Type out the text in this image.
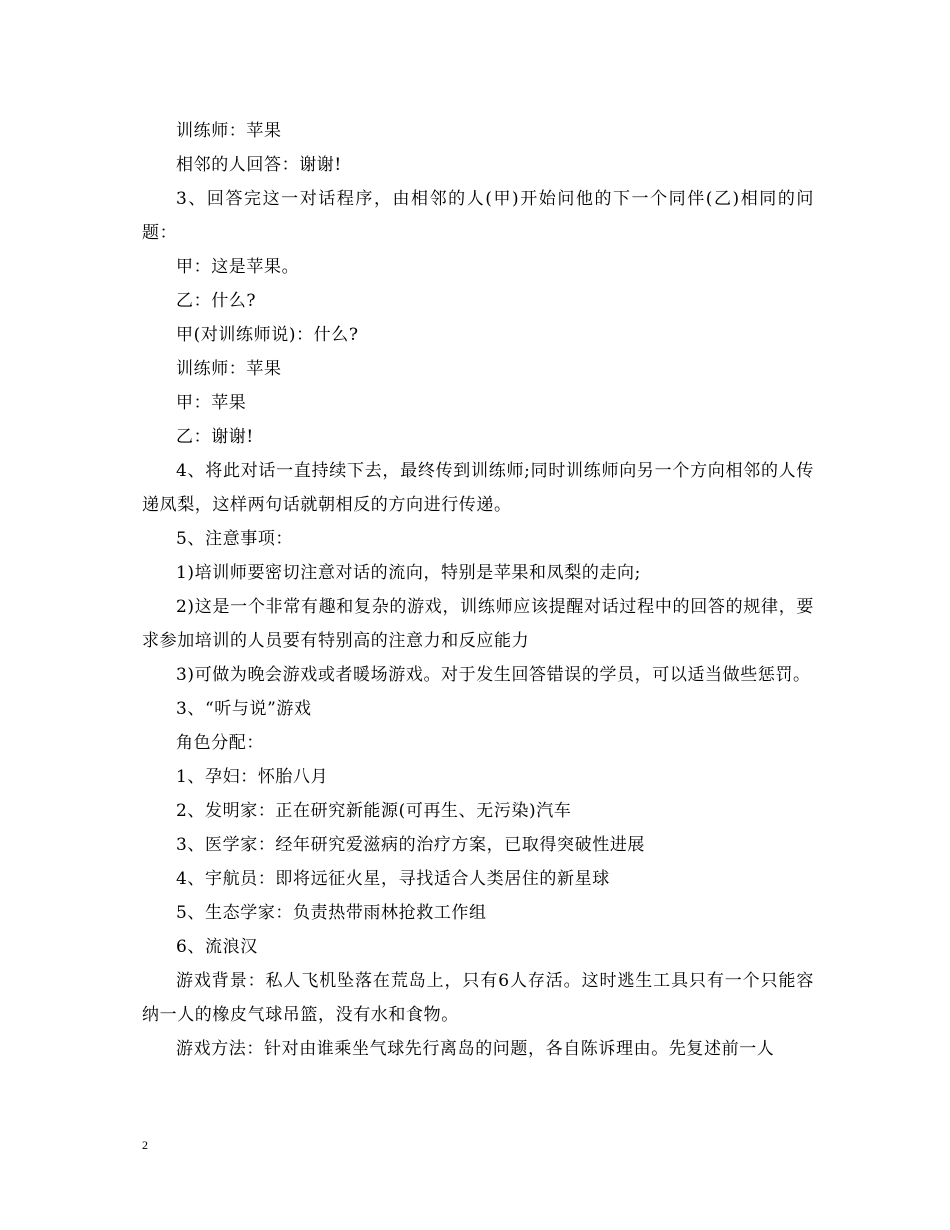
训练师：苹果

相邻的人回答：谢谢!

3、回答完这一对话程序，由相邻的人(甲)开始问他的下一个同伴(乙)相同的问题：

甲：这是苹果。

乙：什么?

甲(对训练师说)：什么?

训练师：苹果

甲：苹果

乙：谢谢!

4、将此对话一直持续下去，最终传到训练师;同时训练师向另一个方向相邻的人传递凤梨，这样两句话就朝相反的方向进行传递。

5、注意事项：

1)培训师要密切注意对话的流向，特别是苹果和凤梨的走向;

2)这是一个非常有趣和复杂的游戏，训练师应该提醒对话过程中的回答的规律，要求参加培训的人员要有特别高的注意力和反应能力

3)可做为晚会游戏或者暖场游戏。对于发生回答错误的学员，可以适当做些惩罚。

3、“听与说”游戏

角色分配：

1、孕妇：怀胎八月

2、发明家：正在研究新能源(可再生、无污染)汽车

3、医学家：经年研究爱滋病的治疗方案，已取得突破性进展

4、宇航员：即将远征火星，寻找适合人类居住的新星球

5、生态学家：负责热带雨林抢救工作组

6、流浪汉

游戏背景：私人飞机坠落在荒岛上，只有6人存活。这时逃生工具只有一个只能容纳一人的橡皮气球吊篮，没有水和食物。

游戏方法：针对由谁乘坐气球先行离岛的问题，各自陈诉理由。先复述前一人

2
